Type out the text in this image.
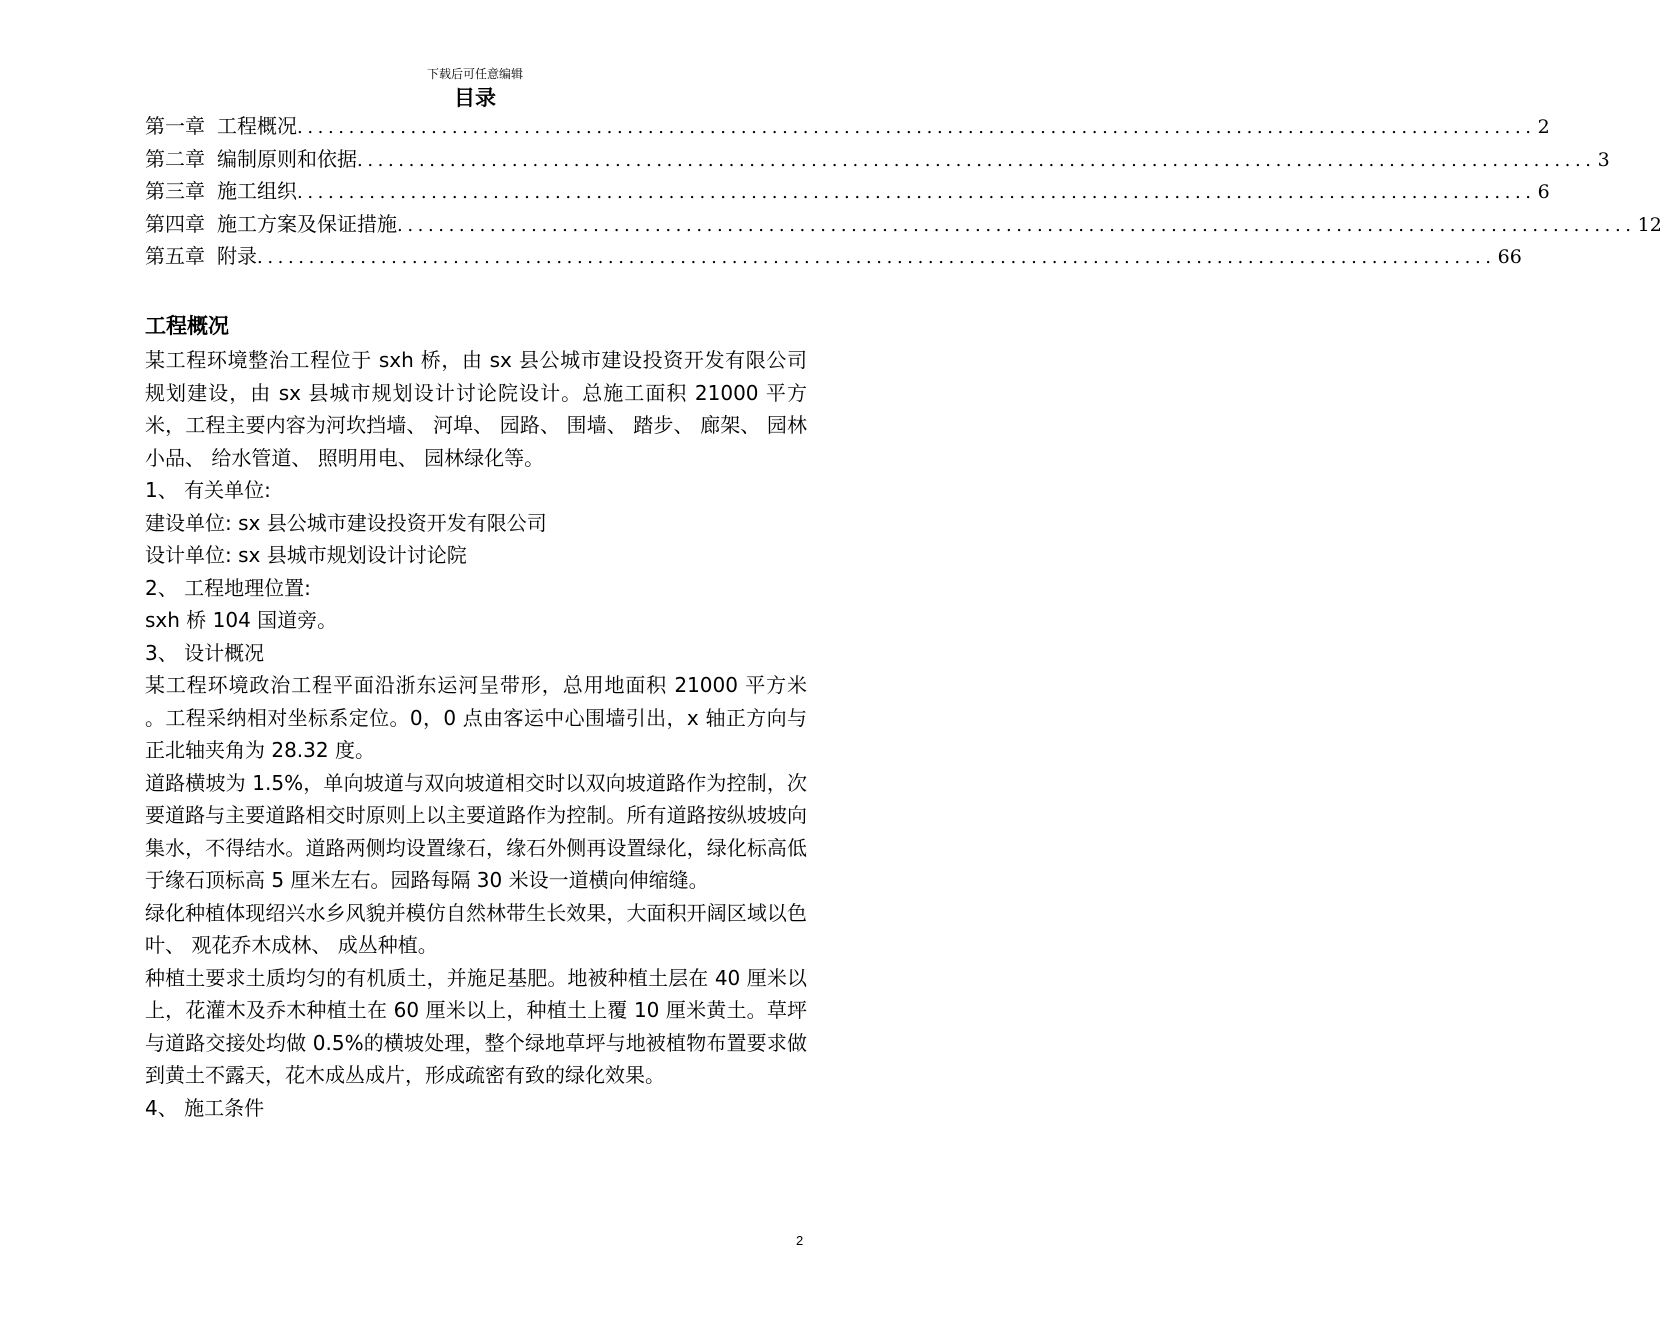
下载后可任意编辑
目录
第一章 工程概况 ........................................................................................................................ 2
第二章 编制原则和依据 ........................................................................................................................ 3
第三章 施工组织 ........................................................................................................................ 6
第四章 施工方案及保证措施 ........................................................................................................................ 12
第五章 附录 ........................................................................................................................ 66
工程概况

某工程环境整治工程位于 sxh 桥，由 sx 县公城市建设投资开发有限公司规划建设，由 sx 县城市规划设计讨论院设计。总施工面积 21000 平方米，工程主要内容为河坎挡墙、 河埠、 园路、 围墙、 踏步、 廊架、 园林小品、 给水管道、 照明用电、 园林绿化等。

1、 有关单位:

建设单位: sx 县公城市建设投资开发有限公司

设计单位: sx 县城市规划设计讨论院

2、 工程地理位置:

sxh 桥 104 国道旁。

3、 设计概况

某工程环境政治工程平面沿浙东运河呈带形，总用地面积 21000 平方米 。工程采纳相对坐标系定位。0，0 点由客运中心围墙引出，x 轴正方向与正北轴夹角为 28.32 度。

道路横坡为 1.5%，单向坡道与双向坡道相交时以双向坡道路作为控制，次要道路与主要道路相交时原则上以主要道路作为控制。所有道路按纵坡坡向集水，不得结水。道路两侧均设置缘石，缘石外侧再设置绿化，绿化标高低于缘石顶标高 5 厘米左右。园路每隔 30 米设一道横向伸缩缝。

绿化种植体现绍兴水乡风貌并模仿自然林带生长效果，大面积开阔区域以色叶、 观花乔木成林、 成丛种植。

种植土要求土质均匀的有机质土，并施足基肥。地被种植土层在 40 厘米以上，花灌木及乔木种植土在 60 厘米以上，种植土上覆 10 厘米黄土。草坪与道路交接处均做 0.5%的横坡处理，整个绿地草坪与地被植物布置要求做到黄土不露天，花木成丛成片，形成疏密有致的绿化效果。

4、 施工条件

2
